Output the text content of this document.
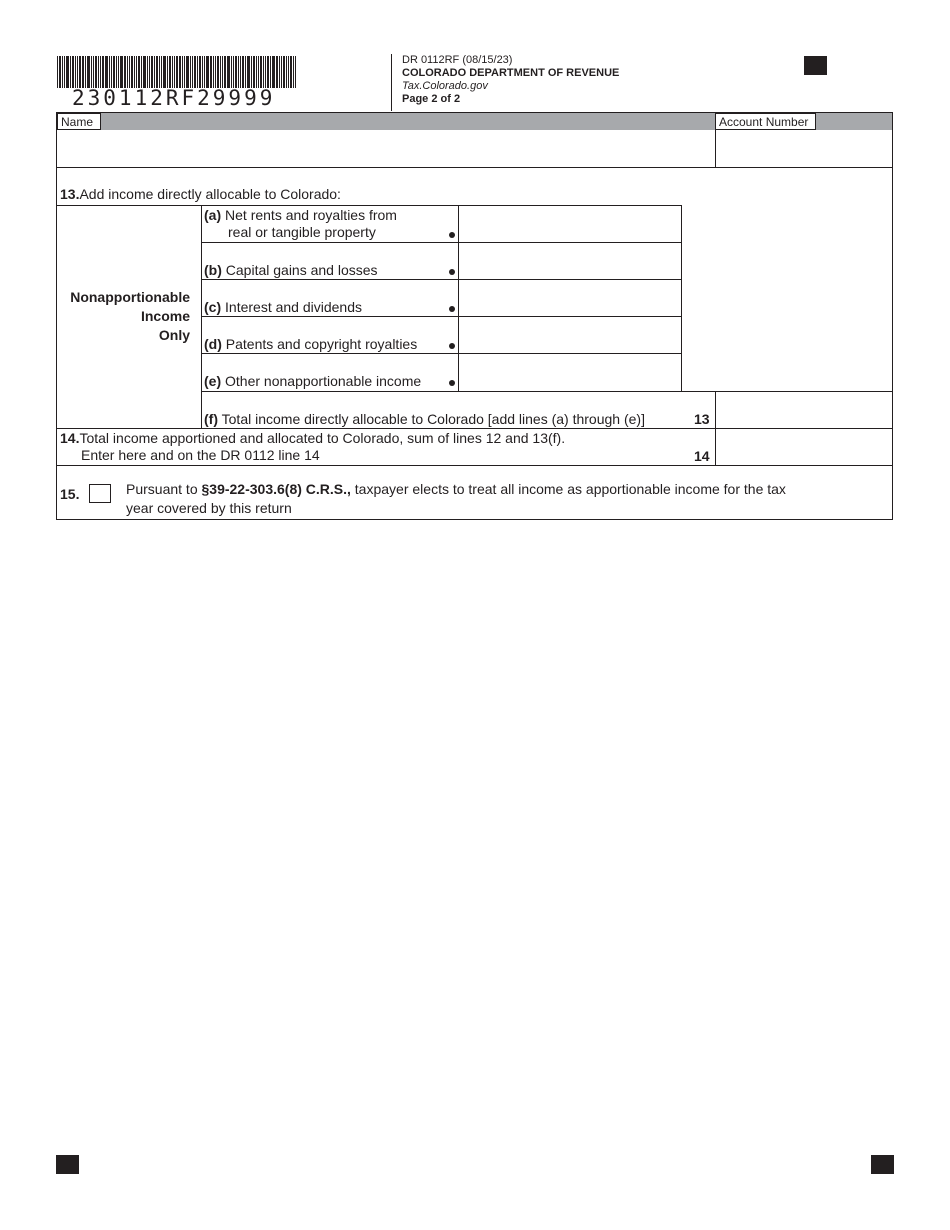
230112RF29999
DR 0112RF (08/15/23)
COLORADO DEPARTMENT OF REVENUE
Tax.Colorado.gov
Page 2 of 2
Name	Account Number
13.Add income directly allocable to Colorado:
Nonapportionable
Income
Only
(a) Net rents and royalties from
real or tangible property
(b) Capital gains and losses
(c) Interest and dividends
(d) Patents and copyright royalties
(e) Other nonapportionable income
(f) Total income directly allocable to Colorado [add lines (a) through (e)]	13
14.Total income apportioned and allocated to Colorado, sum of lines 12 and 13(f).
Enter here and on the DR 0112 line 14	14
15.	Pursuant to §39-22-303.6(8) C.R.S., taxpayer elects to treat all income as apportionable income for the tax
year covered by this return
